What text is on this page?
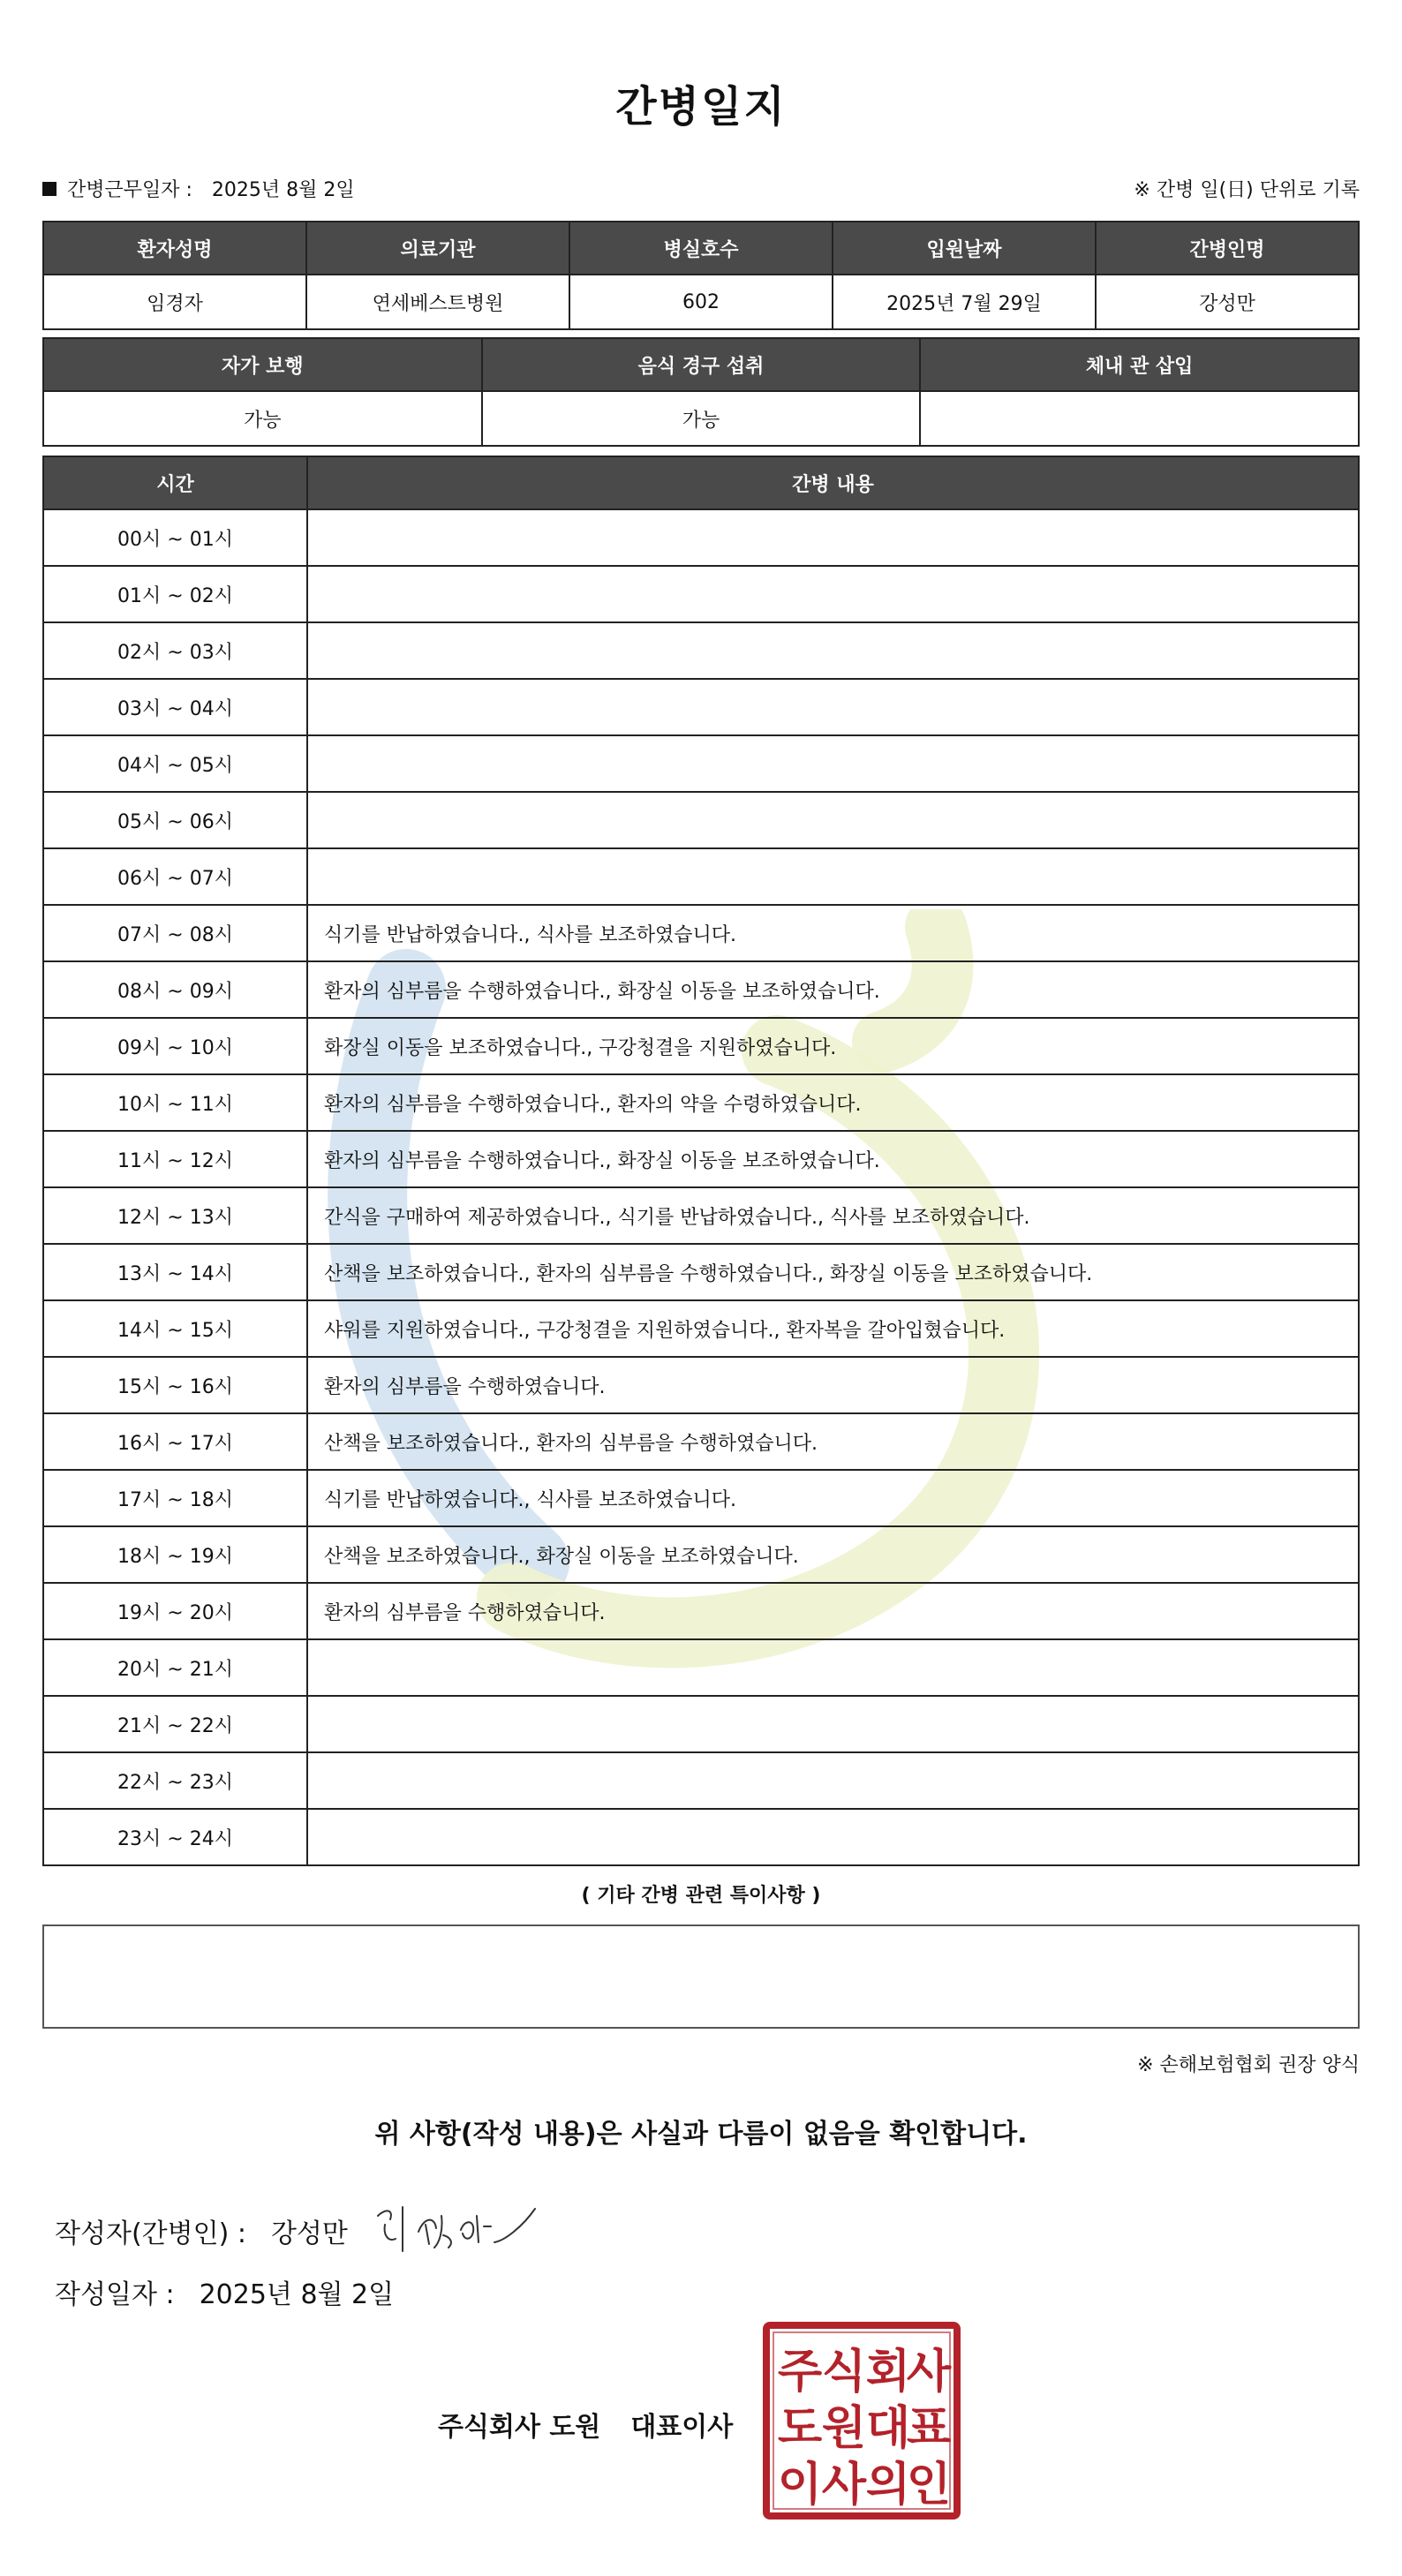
간병일지
간병근무일자 : 2025년 8월 2일	※ 간병 일(日) 단위로 기록
환자성명	의료기관	병실호수	입원날짜	간병인명
임경자	연세베스트병원	602	2025년 7월 29일	강성만
자가 보행	음식 경구 섭취	체내 관 삽입
가능	가능	
시간	간병 내용
00시 ~ 01시	
01시 ~ 02시	
02시 ~ 03시	
03시 ~ 04시	
04시 ~ 05시	
05시 ~ 06시	
06시 ~ 07시	
07시 ~ 08시	식기를 반납하였습니다., 식사를 보조하였습니다.
08시 ~ 09시	환자의 심부름을 수행하였습니다., 화장실 이동을 보조하였습니다.
09시 ~ 10시	화장실 이동을 보조하였습니다., 구강청결을 지원하였습니다.
10시 ~ 11시	환자의 심부름을 수행하였습니다., 환자의 약을 수령하였습니다.
11시 ~ 12시	환자의 심부름을 수행하였습니다., 화장실 이동을 보조하였습니다.
12시 ~ 13시	간식을 구매하여 제공하였습니다., 식기를 반납하였습니다., 식사를 보조하였습니다.
13시 ~ 14시	산책을 보조하였습니다., 환자의 심부름을 수행하였습니다., 화장실 이동을 보조하였습니다.
14시 ~ 15시	샤워를 지원하였습니다., 구강청결을 지원하였습니다., 환자복을 갈아입혔습니다.
15시 ~ 16시	환자의 심부름을 수행하였습니다.
16시 ~ 17시	산책을 보조하였습니다., 환자의 심부름을 수행하였습니다.
17시 ~ 18시	식기를 반납하였습니다., 식사를 보조하였습니다.
18시 ~ 19시	산책을 보조하였습니다., 화장실 이동을 보조하였습니다.
19시 ~ 20시	환자의 심부름을 수행하였습니다.
20시 ~ 21시	
21시 ~ 22시	
22시 ~ 23시	
23시 ~ 24시	
( 기타 간병 관련 특이사항 )
※ 손해보험협회 권장 양식
위 사항(작성 내용)은 사실과 다름이 없음을 확인합니다.
작성자(간병인) : 강성만
작성일자 : 2025년 8월 2일
주식회사 도원 대표이사
주 식 회
사
도 원 대
표
이 사 의
인
